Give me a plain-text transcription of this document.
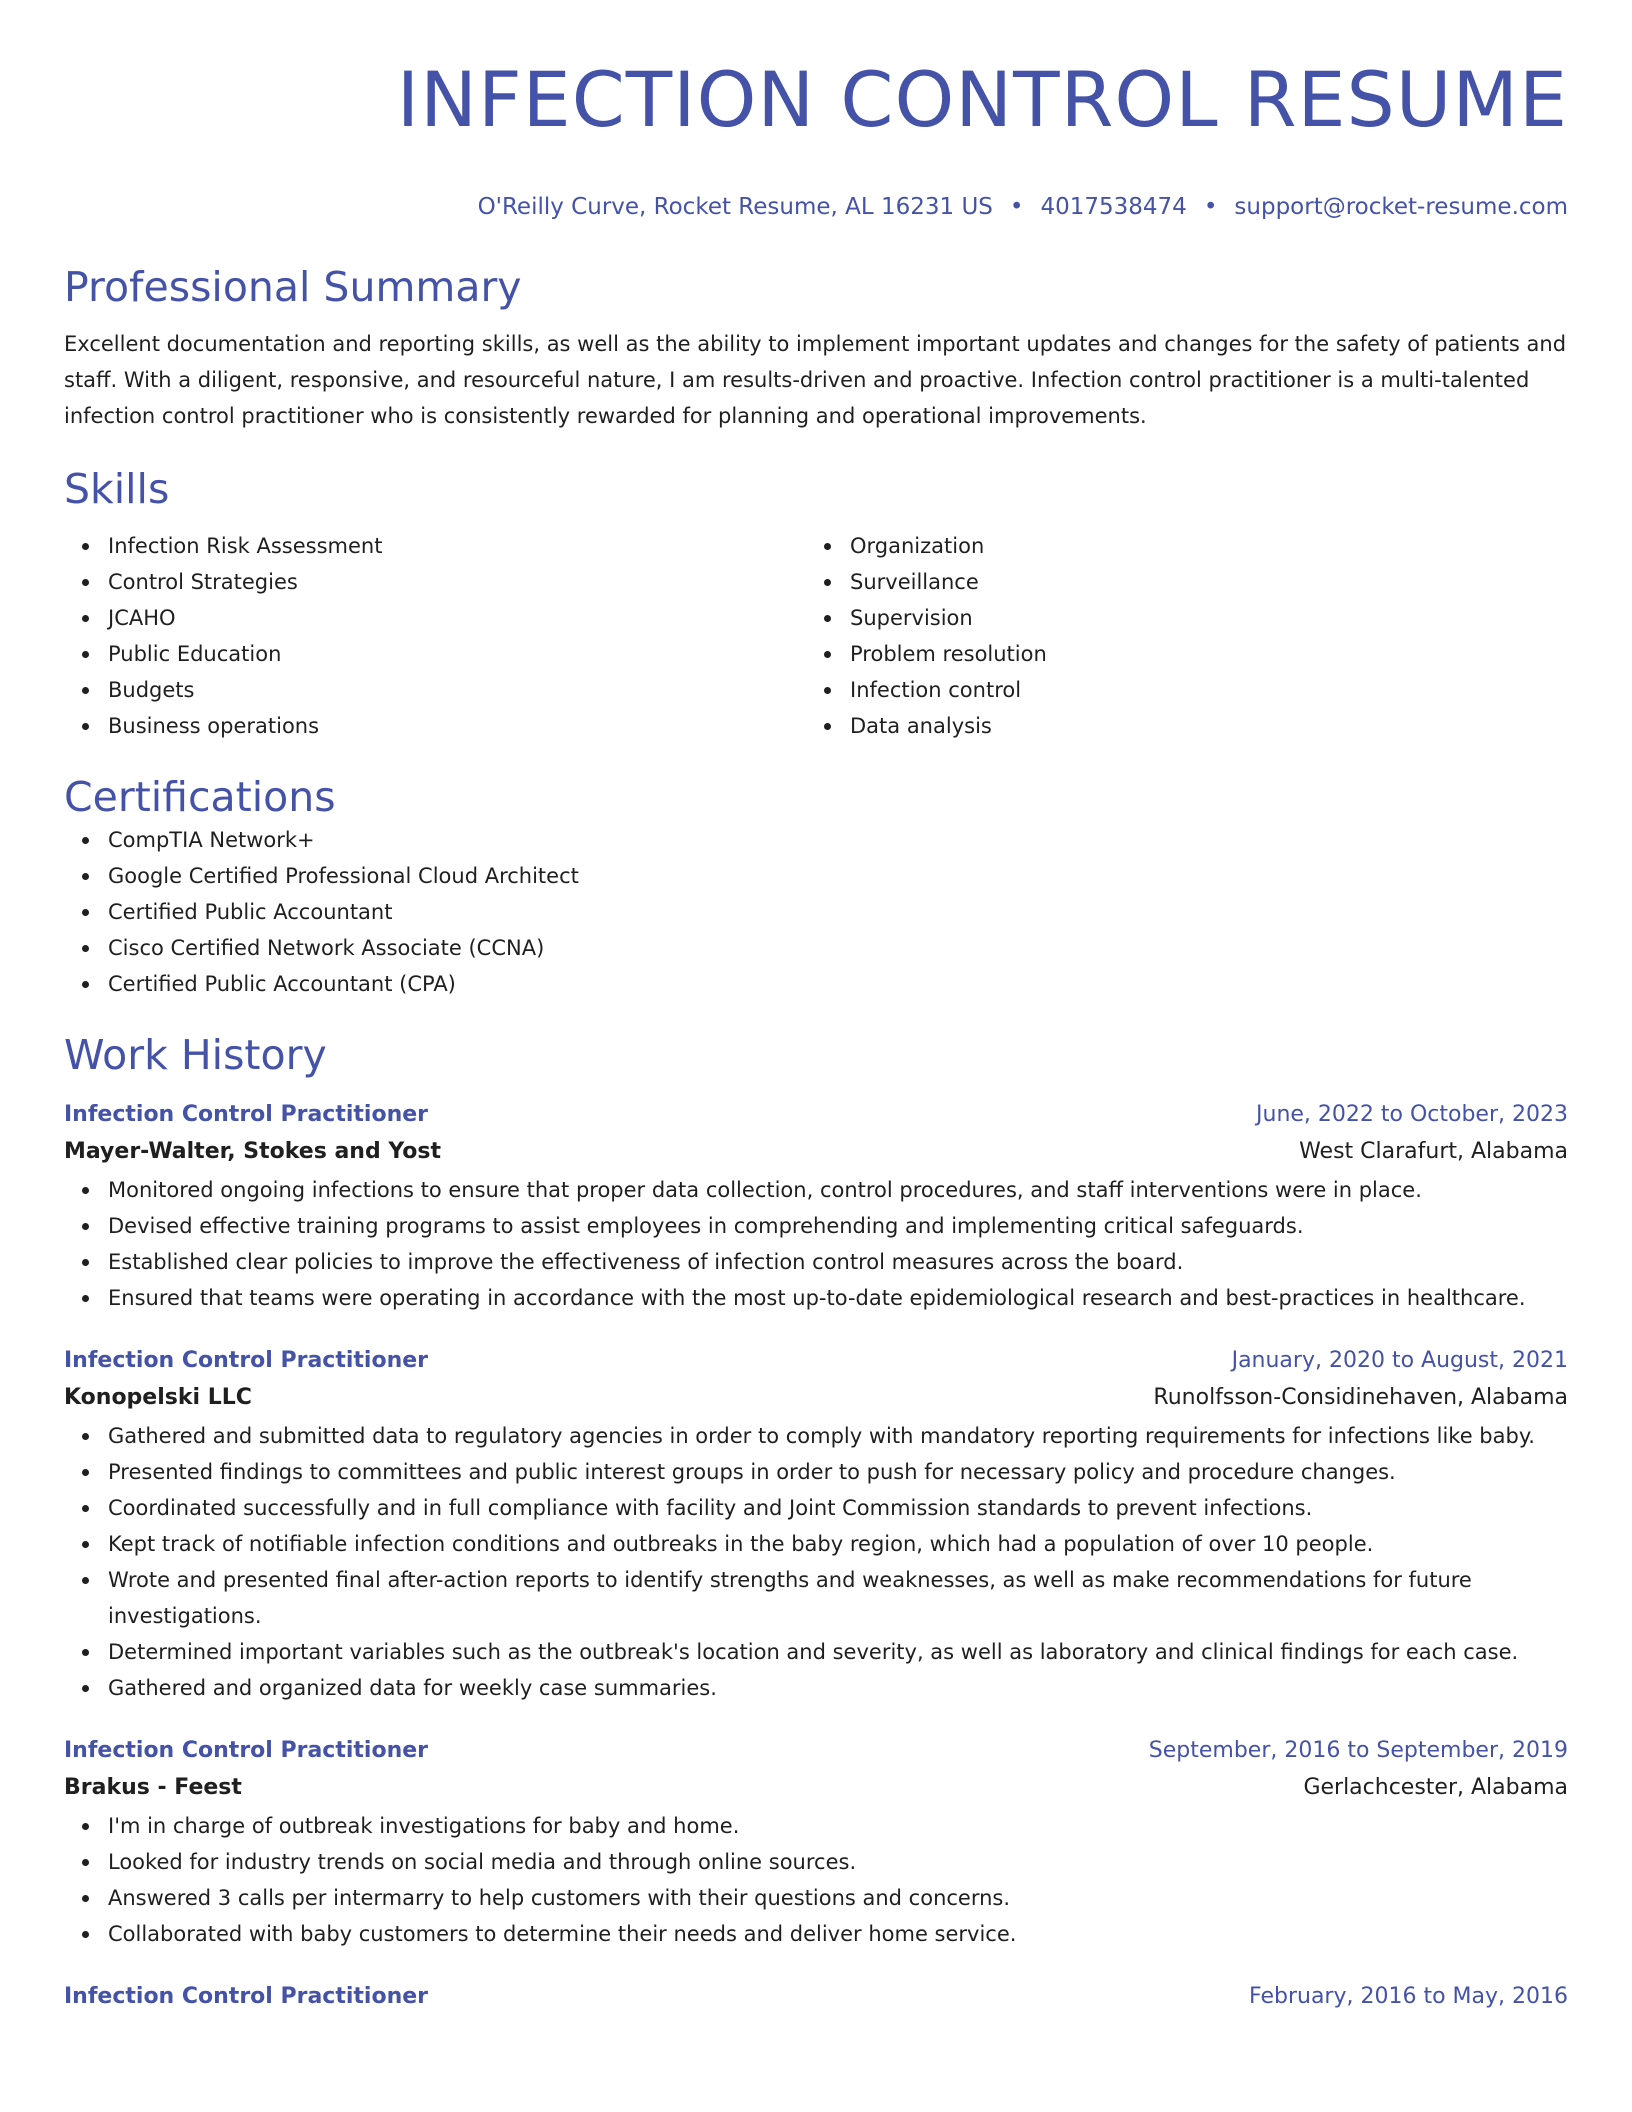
INFECTION CONTROL RESUME
O'Reilly Curve, Rocket Resume, AL 16231 US • 4017538474 • support@rocket-resume.com
Professional Summary
Excellent documentation and reporting skills, as well as the ability to implement important updates and changes for the safety of patients and staff. With a diligent, responsive, and resourceful nature, I am results-driven and proactive. Infection control practitioner is a multi-talented infection control practitioner who is consistently rewarded for planning and operational improvements.
Skills
Infection Risk Assessment
Control Strategies
JCAHO
Public Education
Budgets
Business operations
Organization
Surveillance
Supervision
Problem resolution
Infection control
Data analysis
Certifications
CompTIA Network+
Google Certified Professional Cloud Architect
Certified Public Accountant
Cisco Certified Network Associate (CCNA)
Certified Public Accountant (CPA)
Work History
Infection Control Practitioner	June, 2022 to October, 2023
Mayer-Walter, Stokes and Yost	West Clarafurt, Alabama
Monitored ongoing infections to ensure that proper data collection, control procedures, and staff interventions were in place.
Devised effective training programs to assist employees in comprehending and implementing critical safeguards.
Established clear policies to improve the effectiveness of infection control measures across the board.
Ensured that teams were operating in accordance with the most up-to-date epidemiological research and best-practices in healthcare.
Infection Control Practitioner	January, 2020 to August, 2021
Konopelski LLC	Runolfsson-Considinehaven, Alabama
Gathered and submitted data to regulatory agencies in order to comply with mandatory reporting requirements for infections like baby.
Presented findings to committees and public interest groups in order to push for necessary policy and procedure changes.
Coordinated successfully and in full compliance with facility and Joint Commission standards to prevent infections.
Kept track of notifiable infection conditions and outbreaks in the baby region, which had a population of over 10 people.
Wrote and presented final after-action reports to identify strengths and weaknesses, as well as make recommendations for future investigations.
Determined important variables such as the outbreak's location and severity, as well as laboratory and clinical findings for each case.
Gathered and organized data for weekly case summaries.
Infection Control Practitioner	September, 2016 to September, 2019
Brakus - Feest	Gerlachcester, Alabama
I'm in charge of outbreak investigations for baby and home.
Looked for industry trends on social media and through online sources.
Answered 3 calls per intermarry to help customers with their questions and concerns.
Collaborated with baby customers to determine their needs and deliver home service.
Infection Control Practitioner	February, 2016 to May, 2016
